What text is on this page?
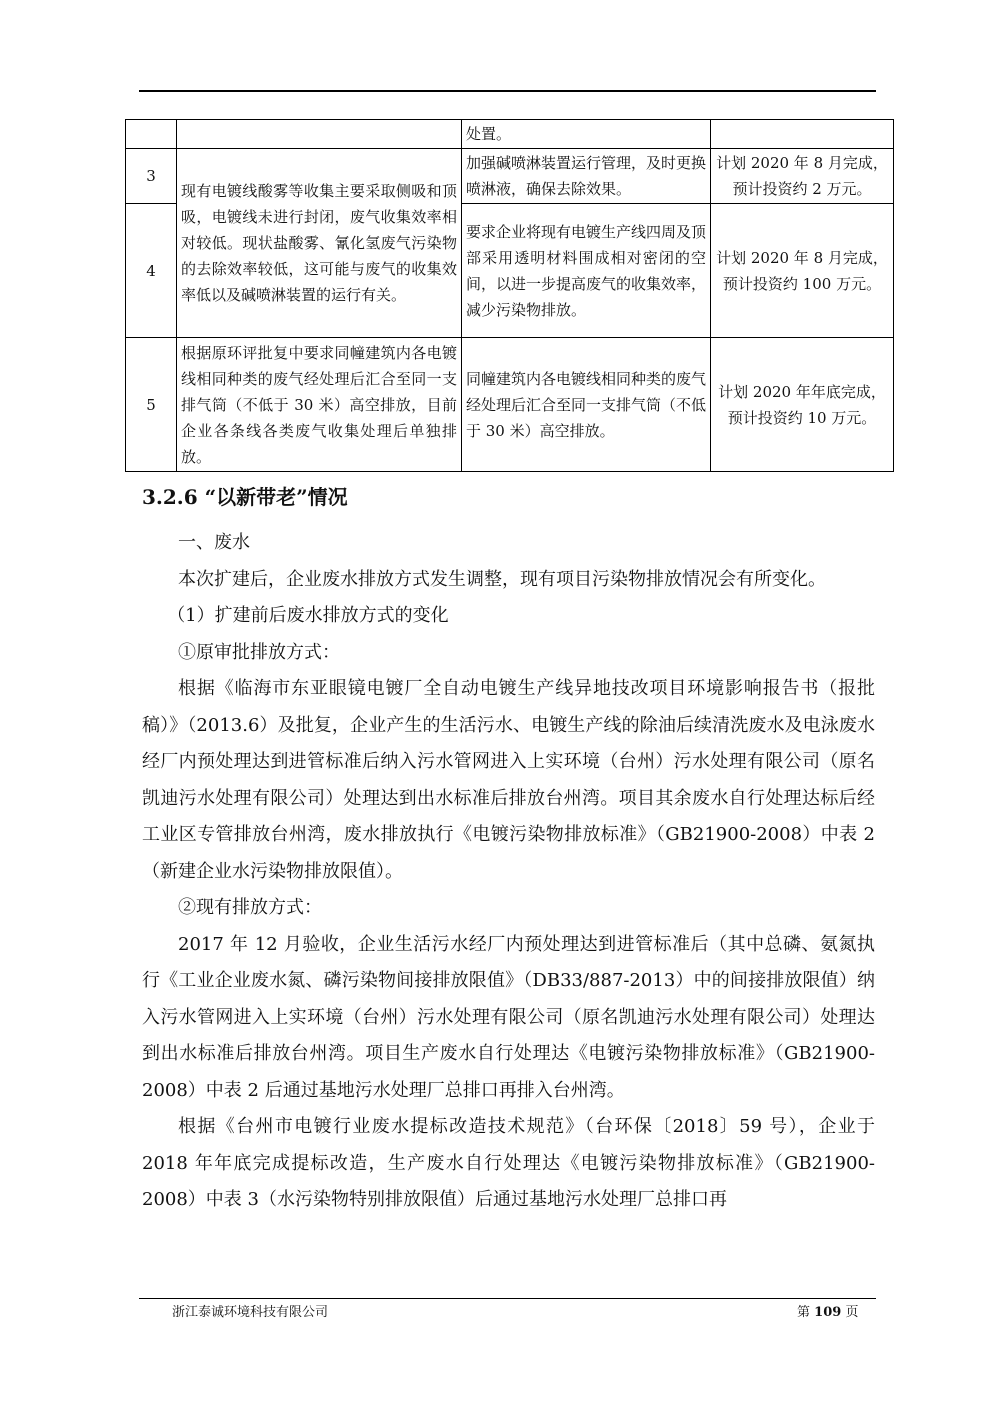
		处置。	
3	现有电镀线酸雾等收集主要采取侧吸和顶吸，电镀线未进行封闭，废气收集效率相对较低。现状盐酸雾、氰化氢废气污染物的去除效率较低，这可能与废气的收集效率低以及碱喷淋装置的运行有关。	加强碱喷淋装置运行管理，及时更换喷淋液，确保去除效果。	计划 2020 年 8 月完成，预计投资约 2 万元。
4		要求企业将现有电镀生产线四周及顶部采用透明材料围成相对密闭的空间，以进一步提高废气的收集效率，减少污染物排放。	计划 2020 年 8 月完成，预计投资约 100 万元。
5	根据原环评批复中要求同幢建筑内各电镀线相同种类的废气经处理后汇合至同一支排气筒（不低于 30 米）高空排放，目前企业各条线各类废气收集处理后单独排放。	同幢建筑内各电镀线相同种类的废气经处理后汇合至同一支排气筒（不低于 30 米）高空排放。	计划 2020 年年底完成，预计投资约 10 万元。
3.2.6 “以新带老”情况

一、废水

本次扩建后，企业废水排放方式发生调整，现有项目污染物排放情况会有所变化。

（1）扩建前后废水排放方式的变化

①原审批排放方式：

根据《临海市东亚眼镜电镀厂全自动电镀生产线异地技改项目环境影响报告书（报批稿）》（2013.6）及批复，企业产生的生活污水、电镀生产线的除油后续清洗废水及电泳废水经厂内预处理达到进管标准后纳入污水管网进入上实环境（台州）污水处理有限公司（原名凯迪污水处理有限公司）处理达到出水标准后排放台州湾。项目其余废水自行处理达标后经工业区专管排放台州湾，废水排放执行《电镀污染物排放标准》（GB21900-2008）中表 2（新建企业水污染物排放限值）。

②现有排放方式：

2017 年 12 月验收，企业生活污水经厂内预处理达到进管标准后（其中总磷、氨氮执行《工业企业废水氮、磷污染物间接排放限值》（DB33/887-2013）中的间接排放限值）纳入污水管网进入上实环境（台州）污水处理有限公司（原名凯迪污水处理有限公司）处理达到出水标准后排放台州湾。项目生产废水自行处理达《电镀污染物排放标准》（GB21900-2008）中表 2 后通过基地污水处理厂总排口再排入台州湾。

根据《台州市电镀行业废水提标改造技术规范》（台环保〔2018〕59 号），企业于 2018 年年底完成提标改造，生产废水自行处理达《电镀污染物排放标准》（GB21900-2008）中表 3（水污染物特别排放限值）后通过基地污水处理厂总排口再

浙江泰诚环境科技有限公司	第 109 页
